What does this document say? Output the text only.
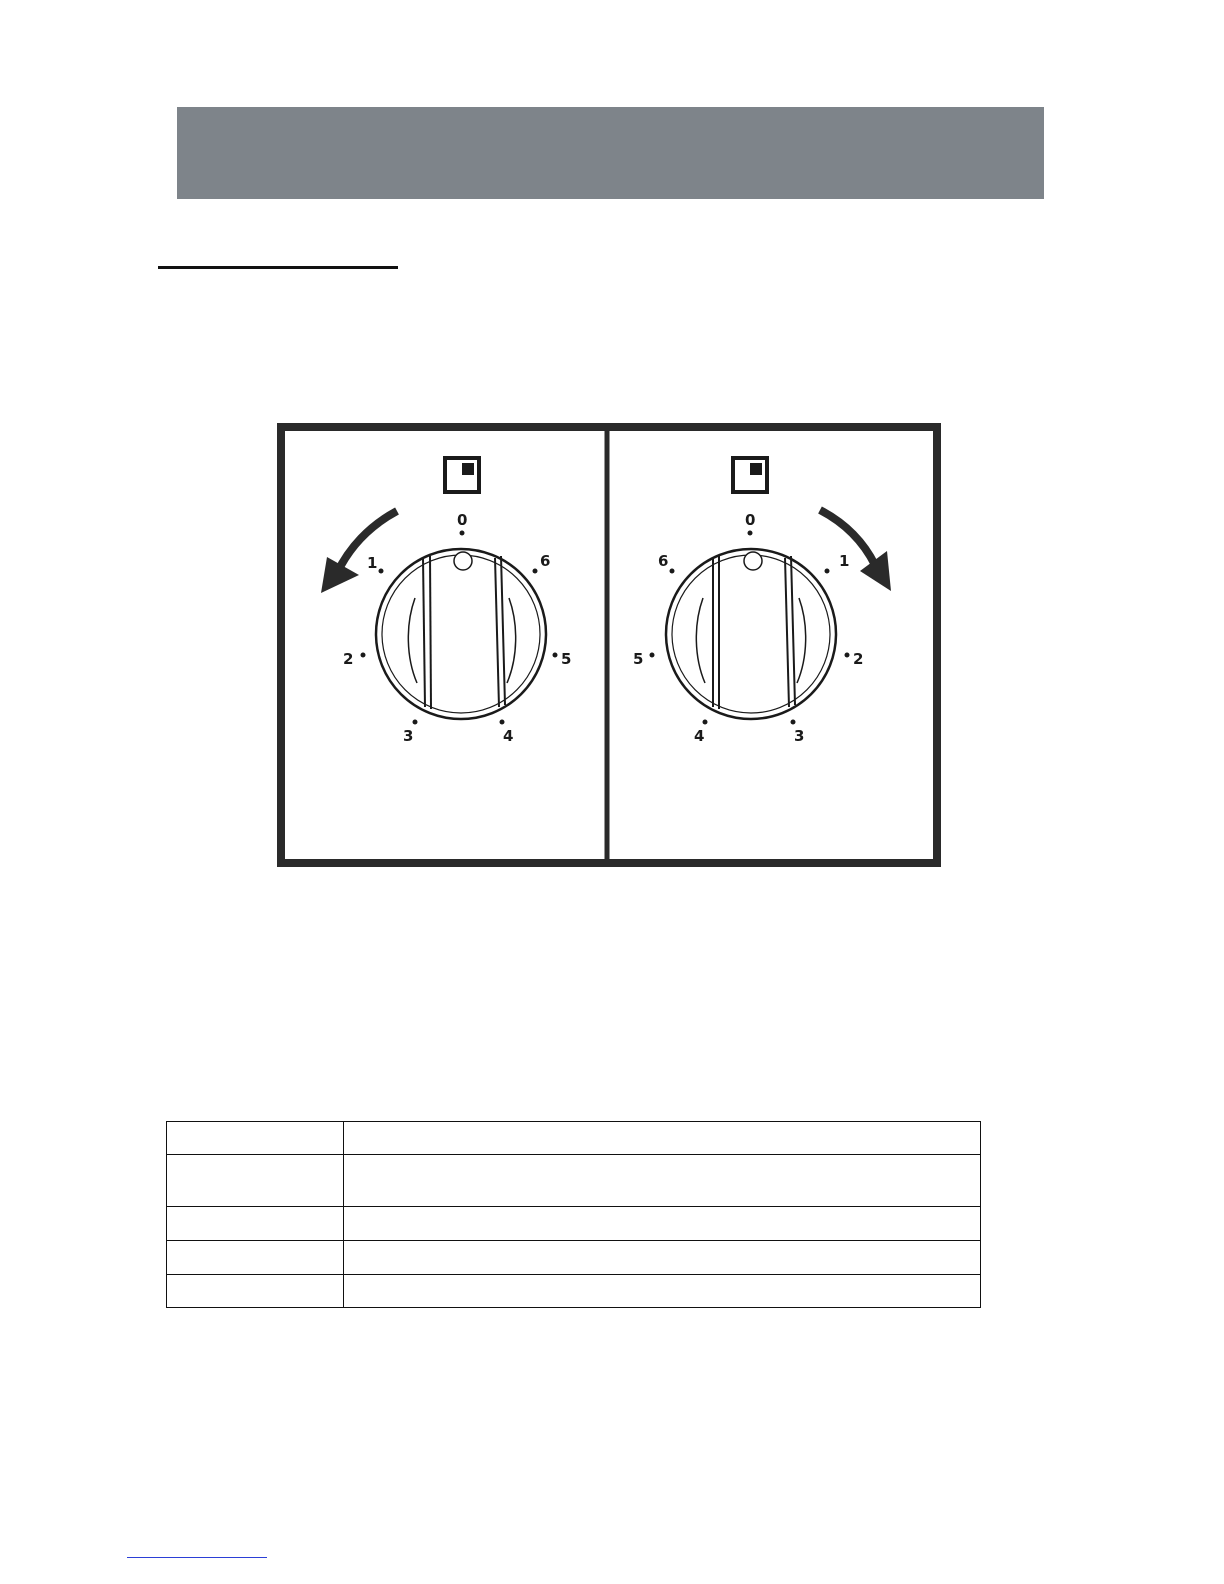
0
1
2
3	4
5
6
0
1
2
3
4
5
6
